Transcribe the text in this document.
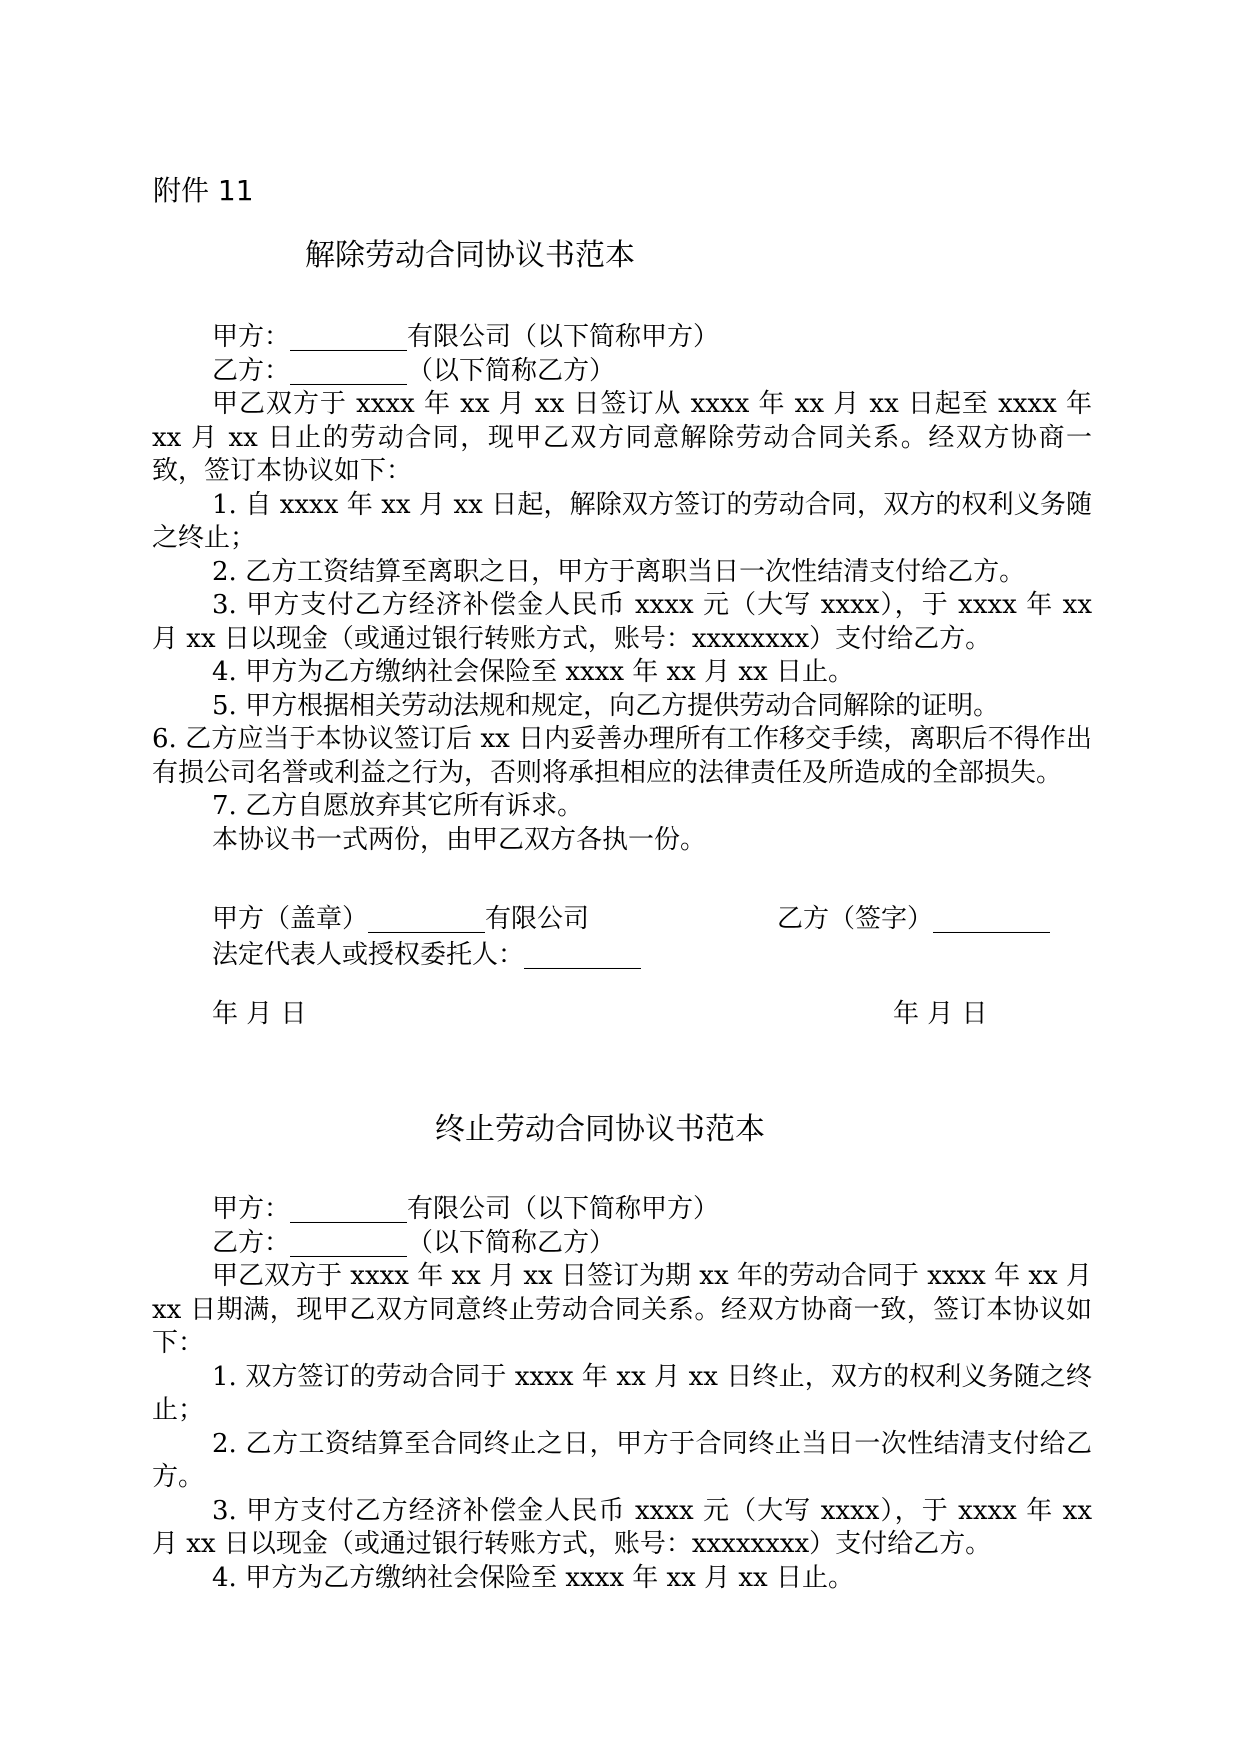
附件 11
解除劳动合同协议书范本

甲方：_________有限公司（以下简称甲方）

乙方：_________（以下简称乙方）

甲乙双方于 xxxx 年 xx 月 xx 日签订从 xxxx 年 xx 月 xx 日起至 xxxx 年 xx 月 xx 日止的劳动合同，现甲乙双方同意解除劳动合同关系。经双方协商一致，签订本协议如下：

1. 自 xxxx 年 xx 月 xx 日起，解除双方签订的劳动合同，双方的权利义务随之终止；

2. 乙方工资结算至离职之日，甲方于离职当日一次性结清支付给乙方。

3. 甲方支付乙方经济补偿金人民币 xxxx 元（大写 xxxx），于 xxxx 年 xx 月 xx 日以现金（或通过银行转账方式，账号：xxxxxxxx）支付给乙方。

4. 甲方为乙方缴纳社会保险至 xxxx 年 xx 月 xx 日止。

5. 甲方根据相关劳动法规和规定，向乙方提供劳动合同解除的证明。

6. 乙方应当于本协议签订后 xx 日内妥善办理所有工作移交手续，离职后不得作出有损公司名誉或利益之行为，否则将承担相应的法律责任及所造成的全部损失。

7. 乙方自愿放弃其它所有诉求。

本协议书一式两份，由甲乙双方各执一份。

甲方（盖章）_________有限公司	乙方（签字）_________
法定代表人或授权委托人：_________
年 月 日	年 月 日
终止劳动合同协议书范本

甲方：_________有限公司（以下简称甲方）

乙方：_________（以下简称乙方）

甲乙双方于 xxxx 年 xx 月 xx 日签订为期 xx 年的劳动合同于 xxxx 年 xx 月 xx 日期满，现甲乙双方同意终止劳动合同关系。经双方协商一致，签订本协议如下：

1. 双方签订的劳动合同于 xxxx 年 xx 月 xx 日终止，双方的权利义务随之终止；

2. 乙方工资结算至合同终止之日，甲方于合同终止当日一次性结清支付给乙方。

3. 甲方支付乙方经济补偿金人民币 xxxx 元（大写 xxxx），于 xxxx 年 xx 月 xx 日以现金（或通过银行转账方式，账号：xxxxxxxx）支付给乙方。

4. 甲方为乙方缴纳社会保险至 xxxx 年 xx 月 xx 日止。
